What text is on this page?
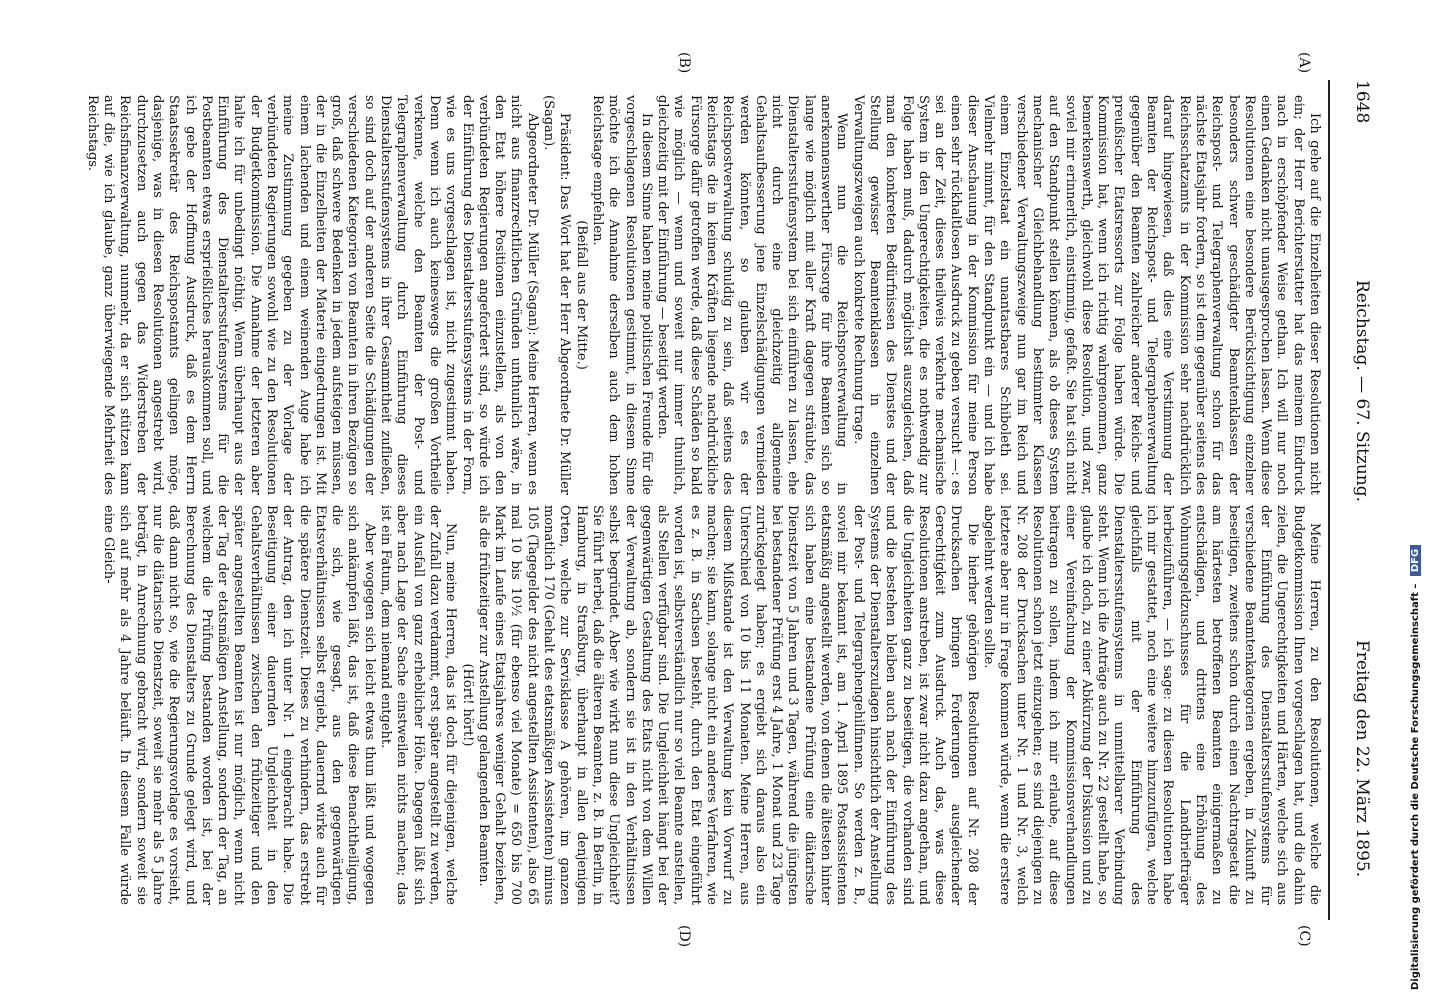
1648
Reichstag. — 67. Sitzung.
Freitag den 22. März 1895.
(A)
(B)
(C)
(D)

Ich gehe auf die Einzelheiten dieser Resolutionen nicht ein; der Herr Berichterstatter hat das meinem Eindruck nach in erschöpfender Weise gethan. Ich will nur noch einen Gedanken nicht unausgesprochen lassen. Wenn diese Resolutionen eine besondere Berücksichtigung einzelner besonders schwer geschädigter Beamtenklassen der Reichspost- und Telegraphenverwaltung schon für das nächste Etatsjahr fordern, so ist dem gegenüber seitens des Reichsschatzamts in der Kommission sehr nachdrücklich darauf hingewiesen, daß dies eine Verstimmung der Beamten der Reichspost- und Telegraphenverwaltung gegenüber den Beamten zahlreicher anderer Reichs- und preußischer Etatsressorts zur Folge haben würde. Die Kommission hat, wenn ich richtig wahrgenommen, ganz bemerkenswerth, gleichwohl diese Resolution, und zwar, soviel mir erinnerlich, einstimmig, gefaßt. Sie hat sich nicht auf den Standpunkt stellen können, als ob dieses System mechanischer Gleichbehandlung bestimmter Klassen verschiedener Verwaltungszweige nun gar im Reich und einem Einzelstaat ein unantastbares Schiboleth sei. Vielmehr nimmt, für den Standpunkt ein — und ich habe dieser Anschauung in der Kommission für meine Person einen sehr rückhaltlosen Ausdruck zu geben versucht —: es sei an der Zeit, dieses theilweis verkehrte mechanische System in den Ungerechtigkeiten, die es nothwendig zur Folge haben muß, dadurch möglichst auszugleichen, daß man den konkreten Bedürfnissen des Dienstes und der Stellung gewisser Beamtenklassen in einzelnen Verwaltungszweigen auch konkrete Rechnung trage.

Wenn nun die Reichspostverwaltung in anerkennenswerther Fürsorge für ihre Beamten sich so lange wie möglich mit aller Kraft dagegen sträubte, das Dienstaltersstufensystem bei sich einführen zu lassen, ehe nicht durch eine gleichzeitig allgemeine Gehaltsaufbesserung jene Einzelschädigungen vermieden werden könnten, so glauben wir es der Reichspostverwaltung schuldig zu sein, daß seitens des Reichstags die in keinen Kräften liegende nachdrückliche Fürsorge dafür getroffen werde, daß diese Schäden so bald wie möglich — wenn und soweit nur immer thunlich, gleichzeitig mit der Einführung — beseitigt werden.

In diesem Sinne haben meine politischen Freunde für die vorgeschlagenen Resolutionen gestimmt, in diesem Sinne möchte ich die Annahme derselben auch dem hohen Reichstage empfehlen.

(Beifall aus der Mitte.)

Präsident: Das Wort hat der Herr Abgeordnete Dr. Müller (Sagan).

Abgeordneter Dr. Müller (Sagan): Meine Herren, wenn es nicht aus finanzrechtlichen Gründen unthunlich wäre, in den Etat höhere Positionen einzustellen, als von den verbündeten Regierungen angefordert sind, so würde ich der Einführung des Dienstaltersstufensystems in der Form, wie es uns vorgeschlagen ist, nicht zugestimmt haben. Denn wenn ich auch keineswegs die großen Vortheile verkenne, welche den Beamten der Post- und Telegraphenverwaltung durch Einführung dieses Dienstaltersstufensystems in ihrer Gesammtheit zufließen, so sind doch auf der anderen Seite die Schädigungen der verschiedenen Kategorien von Beamten in ihren Bezügen so groß, daß schwere Bedenken in jedem aufsteigen müssen, der in die Einzelheiten der Materie eingedrungen ist. Mit einem lachenden und einem weinenden Auge habe ich meine Zustimmung gegeben zu der Vorlage der verbündeten Regierungen sowohl wie zu den Resolutionen der Budgetkommission. Die Annahme der letzteren aber halte ich für unbedingt nöthig. Wenn überhaupt aus der Einführung des Dienstaltersstufensystems für die Postbeamten etwas ersprießliches herauskommen soll, und ich gebe der Hoffnung Ausdruck, daß es dem Herrn Staatssekretär des Reichspostamts gelingen möge, dasjenige, was in diesen Resolutionen angestrebt wird, durchzusetzen auch gegen das Widerstreben der Reichsfinanzverwaltung, nunmehr, da er sich stützen kann auf die, wie ich glaube, ganz überwiegende Mehrheit des Reichstags.

Meine Herren, zu den Resolutionen, welche die Budgetkommission Ihnen vorgeschlagen hat, und die dahin zielen, die Ungerechtigkeiten und Härten, welche sich aus der Einführung des Dienstaltersstufensystems für verschiedene Beamtenkategorien ergeben, in Zukunft zu beseitigen, zweitens schon durch einen Nachtragsetat die am härtesten betroffenen Beamten einigermaßen zu entschädigen, und drittens eine Erhöhung des Wohnungsgeldzuschusses für die Landbriefträger herbeizuführen, — ich sage: zu diesen Resolutionen habe ich mir gestattet, noch eine weitere hinzuzufügen, welche gleichfalls mit der Einführung des Dienstaltersstufensystems in unmittelbarer Verbindung steht. Wenn ich die Anträge auch zu Nr. 22 gestellt habe, so glaube ich doch, zu einer Abkürzung der Diskussion und zu einer Vereinfachung der Kommissionsverhandlungen beitragen zu sollen, indem ich mir erlaube, auf diese Resolutionen schon jetzt einzugehen; es sind diejenigen zu Nr. 208 der Drucksachen unter Nr. 1 und Nr. 3, welch letztere aber nur in Frage kommen würde, wenn die erstere abgelehnt werden sollte.

Die hierher gehörigen Resolutionen auf Nr. 208 der Drucksachen bringen Forderungen ausgleichender Gerechtigkeit zum Ausdruck. Auch das, was diese Resolutionen anstreben, ist zwar nicht dazu angethan, und die Ungleichheiten ganz zu beseitigen, die vorhanden sind und die bestehen bleiben auch nach der Einführung des Systems der Dienstalterszulagen hinsichtlich der Anstellung der Post- und Telegraphengehilfinnen. So werden z. B., soviel mir bekannt ist, am 1. April 1895 Postassistenten etatsmäßig angestellt werden, von denen die ältesten hinter sich haben eine bestandene Prüfung eine diätarische Dienstzeit von 5 Jahren und 3 Tagen, während die jüngsten bei bestandener Prüfung erst 4 Jahre, 1 Monat und 23 Tage zurückgelegt haben; es ergiebt sich daraus also ein Unterschied von 10 bis 11 Monaten. Meine Herren, aus diesem Mißstande ist den Verwaltung kein Vorwurf zu machen; sie kann, solange nicht ein anderes Verfahren, wie es z. B. in Sachsen besteht, durch den Etat eingeführt worden ist, selbstverständlich nur so viel Beamte anstellen, als Stellen verfügbar sind. Die Ungleichheit hängt bei der gegenwärtigen Gestaltung des Etats nicht von dem Willen der Verwaltung ab, sondern sie ist in den Verhältnissen selbst begründet. Aber wie wirkt nun diese Ungleichheit? Sie führt herbei, daß die älteren Beamten, z. B. in Berlin, in Hamburg, in Straßburg, überhaupt in allen denjenigen Orten, welche zur Servisklasse A gehören, im ganzen monatlich 170 (Gehalt des etatsmäßigen Assistenten) minus 105 (Tagegelder des nicht angestellten Assistenten), also 65 mal 10 bis 10½ (für ebenso viel Monate) = 650 bis 700 Mark im Laufe eines Etatsjahres weniger Gehalt beziehen, als die frühzeitiger zur Anstellung gelangenden Beamten.

(Hört! hört!)

Nun, meine Herren, das ist doch für diejenigen, welche der Zufall dazu verdammt, erst später angestellt zu werden, ein Ausfall von ganz erheblicher Höhe. Dagegen läßt sich aber nach Lage der Sache einstweilen nichts machen; das ist ein Fatum, dem niemand entgeht.

Aber wogegen sich leicht etwas thun läßt und wogegen sich ankämpfen läßt, das ist, daß diese Benachtheiligung, die sich, wie gesagt, aus den gegenwärtigen Etatsverhältnissen selbst ergiebt, dauernd wirke auch für die spätere Dienstzeit. Dieses zu verhindern, das erstrebt der Antrag, den ich unter Nr. 1 eingebracht habe. Die Beseitigung einer dauernden Ungleichheit in den Gehaltsverhältnissen zwischen den frühzeitiger und den später angestellten Beamten ist nur möglich, wenn nicht der Tag der etatsmäßigen Anstellung, sondern der Tag, an welchem die Prüfung bestanden worden ist, bei der Berechnung des Dienstalters zu Grunde gelegt wird, und daß dann nicht so, wie die Regierungsvorlage es vorsieht, nur die diätarische Dienstzeit, soweit sie mehr als 5 Jahre beträgt, in Anrechnung gebracht wird, sondern soweit sie sich auf mehr als 4 Jahre beläuft. In diesem Falle würde eine Gleich-

Digitalisierung gefördert durch die Deutsche Forschungsgemeinschaft – DFG
